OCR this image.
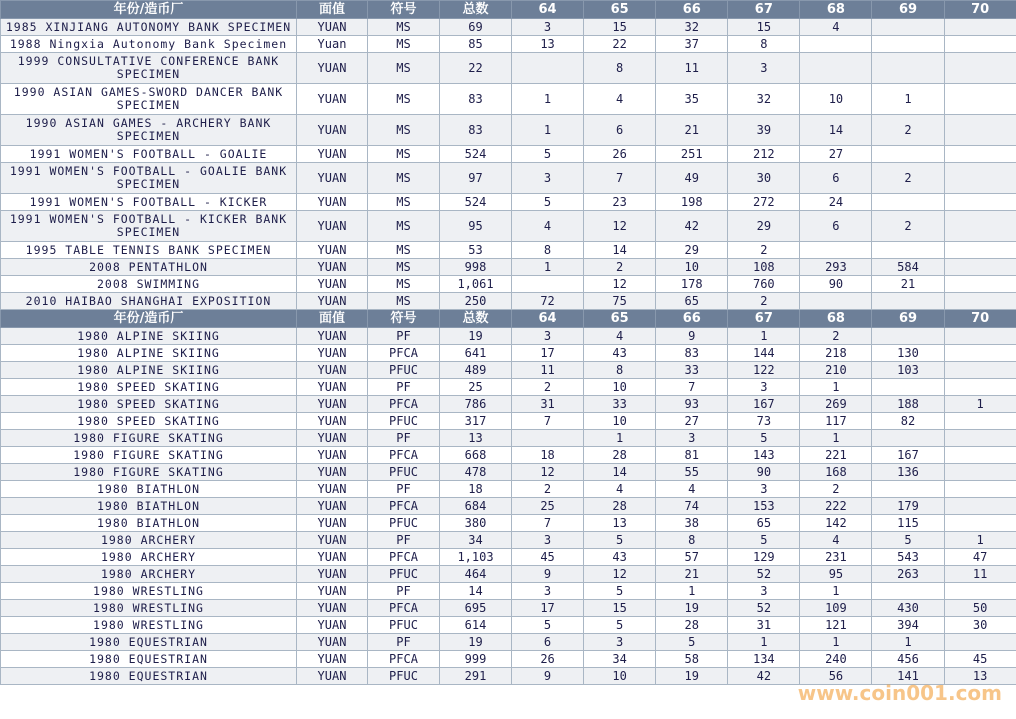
年份/造币厂	面值	符号	总数	64	65	66	67	68	69	70
1985 XINJIANG AUTONOMY BANK SPECIMEN	YUAN	MS	69	3	15	32	15	4		
1988 Ningxia Autonomy Bank Specimen	Yuan	MS	85	13	22	37	8			
1999 CONSULTATIVE CONFERENCE BANK SPECIMEN	YUAN	MS	22		8	11	3			
1990 ASIAN GAMES-SWORD DANCER BANK SPECIMEN	YUAN	MS	83	1	4	35	32	10	1	
1990 ASIAN GAMES - ARCHERY BANK SPECIMEN	YUAN	MS	83	1	6	21	39	14	2	
1991 WOMEN'S FOOTBALL - GOALIE	YUAN	MS	524	5	26	251	212	27		
1991 WOMEN'S FOOTBALL - GOALIE BANK SPECIMEN	YUAN	MS	97	3	7	49	30	6	2	
1991 WOMEN'S FOOTBALL - KICKER	YUAN	MS	524	5	23	198	272	24		
1991 WOMEN'S FOOTBALL - KICKER BANK SPECIMEN	YUAN	MS	95	4	12	42	29	6	2	
1995 TABLE TENNIS BANK SPECIMEN	YUAN	MS	53	8	14	29	2			
2008 PENTATHLON	YUAN	MS	998	1	2	10	108	293	584	
2008 SWIMMING	YUAN	MS	1,061		12	178	760	90	21	
2010 HAIBAO SHANGHAI EXPOSITION	YUAN	MS	250	72	75	65	2			
年份/造币厂	面值	符号	总数	64	65	66	67	68	69	70
1980 ALPINE SKIING	YUAN	PF	19	3	4	9	1	2		
1980 ALPINE SKIING	YUAN	PFCA	641	17	43	83	144	218	130	
1980 ALPINE SKIING	YUAN	PFUC	489	11	8	33	122	210	103	
1980 SPEED SKATING	YUAN	PF	25	2	10	7	3	1		
1980 SPEED SKATING	YUAN	PFCA	786	31	33	93	167	269	188	1
1980 SPEED SKATING	YUAN	PFUC	317	7	10	27	73	117	82	
1980 FIGURE SKATING	YUAN	PF	13		1	3	5	1		
1980 FIGURE SKATING	YUAN	PFCA	668	18	28	81	143	221	167	
1980 FIGURE SKATING	YUAN	PFUC	478	12	14	55	90	168	136	
1980 BIATHLON	YUAN	PF	18	2	4	4	3	2		
1980 BIATHLON	YUAN	PFCA	684	25	28	74	153	222	179	
1980 BIATHLON	YUAN	PFUC	380	7	13	38	65	142	115	
1980 ARCHERY	YUAN	PF	34	3	5	8	5	4	5	1
1980 ARCHERY	YUAN	PFCA	1,103	45	43	57	129	231	543	47
1980 ARCHERY	YUAN	PFUC	464	9	12	21	52	95	263	11
1980 WRESTLING	YUAN	PF	14	3	5	1	3	1		
1980 WRESTLING	YUAN	PFCA	695	17	15	19	52	109	430	50
1980 WRESTLING	YUAN	PFUC	614	5	5	28	31	121	394	30
1980 EQUESTRIAN	YUAN	PF	19	6	3	5	1	1	1	
1980 EQUESTRIAN	YUAN	PFCA	999	26	34	58	134	240	456	45
1980 EQUESTRIAN	YUAN	PFUC	291	9	10	19	42	56	141	13
www.coin001.com
